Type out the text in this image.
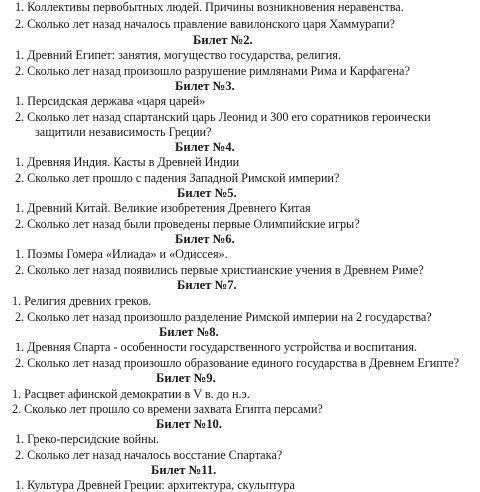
1. Коллективы первобытных людей. Причины возникновения неравенства.
2. Сколько лет назад началось правление вавилонского царя Хаммурапи?
Билет №2.
1. Древний Египет: занятия, могущество государства, религия.
2. Сколько лет назад произошло разрушение римлянами Рима и Карфагена?
Билет №3.
1. Персидская держава «царя царей»
2. Сколько лет назад спартанский царь Леонид и 300 его соратников героически
защитили независимость Греции?
Билет №4.
1. Древняя Индия. Касты в Древней Индии
2. Сколько лет прошло с падения Западной Римской империи?
Билет №5.
1. Древний Китай. Великие изобретения Древнего Китая
2. Сколько лет назад были проведены первые Олимпийские игры?
Билет №6.
1. Поэмы Гомера «Илиада» и «Одиссея».
2. Сколько лет назад появились первые христианские учения в Древнем Риме?
Билет №7.
1. Религия древних греков.
2. Сколько лет назад произошло разделение Римской империи на 2 государства?
Билет №8.
1. Древняя Спарта - особенности государственного устройства и воспитания.
2. Сколько лет назад произошло образование единого государства в Древнем Египте?
Билет №9.
1. Расцвет афинской демократии в V в. до н.э.
2. Сколько лет прошло со времени захвата Египта персами?
Билет №10.
1. Греко-персидские войны.
2. Сколько лет назад началось восстание Спартака?
Билет №11.
1. Культура Древней Греции: архитектура, скульптура
